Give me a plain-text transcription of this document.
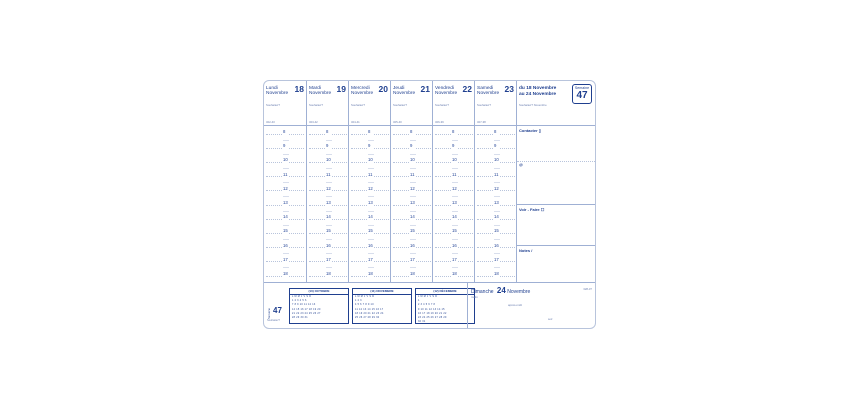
Lundi
Novembre 18
Souhaitez?
322-43
8
9
10
11
12
13
14
15
16
17
18
Mardi
Novembre 19
Souhaitez?
323-42
8
9
10
11
12
13
14
15
16
17
18
Mercredi
Novembre 20
Souhaitez?
324-41
8
9
10
11
12
13
14
15
16
17
18
Jeudi
Novembre 21
Souhaitez?
325-40
8
9
10
11
12
13
14
15
16
17
18
Vendredi
Novembre 22
Souhaitez?
326-39
8
9
10
11
12
13
14
15
16
17
18
Samedi
Novembre 23
Souhaitez?
327-38
8
9
10
11
12
13
14
15
16
17
18
du 18 Novembre
au 24 Novembre
Semaine
47
Souhaitez? Novembre
Contacter ▯
@
Voir - Faire ☐
Notes /
Semaine 47
Souhaitez?
(10) OCTOBRE
L M M J V S D
1 2 3 4 5 6
7 8 9 10 11 12 13
14 15 16 17 18 19 20
21 22 23 24 25 26 27
28 29 30 31
(11) NOVEMBRE
L M M J V S D
1 2 3
4 5 6 7 8 9 10
11 12 13 14 15 16 17
18 19 20 21 22 23 24
25 26 27 28 29 30
(12) DÉCEMBRE
L M M J V S D
1
2 3 4 5 6 7 8
9 10 11 12 13 14 15
16 17 18 19 20 21 22
23 24 25 26 27 28 29
30 31
Dimanche 24 Novembre
matin
328-37
après-midi
soir
